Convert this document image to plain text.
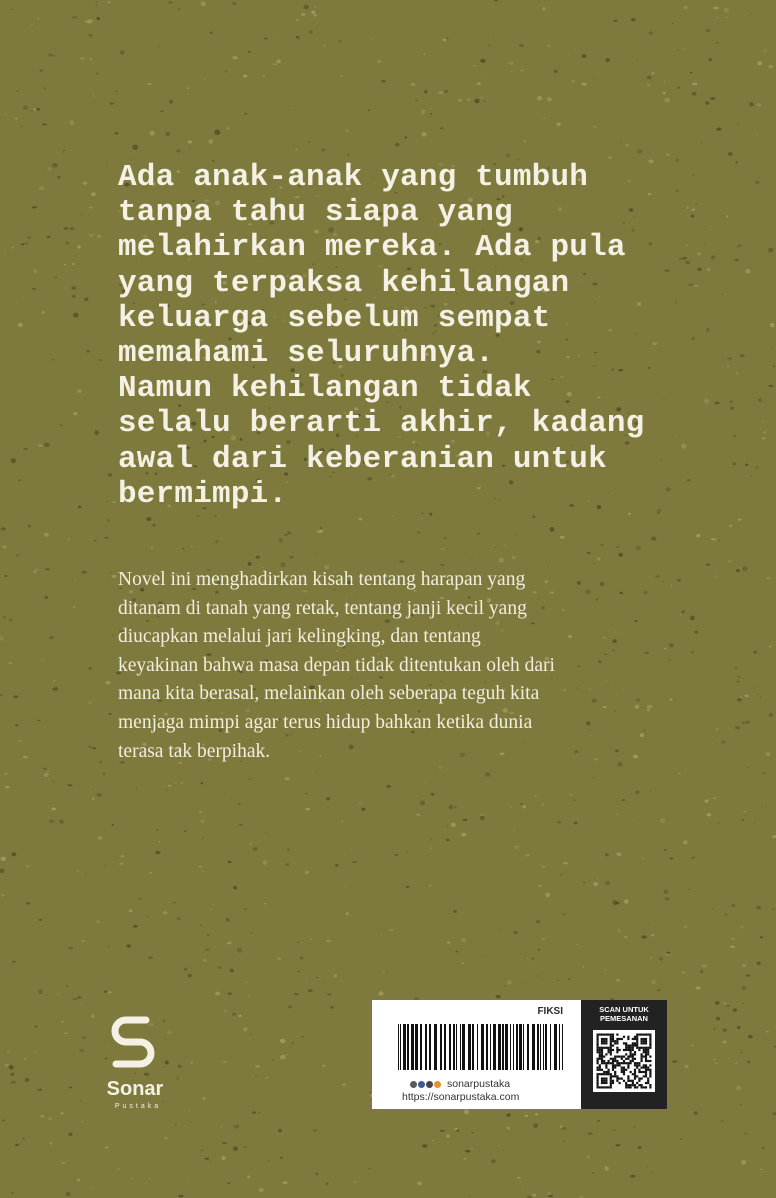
Ada anak-anak yang tumbuh
tanpa tahu siapa yang
melahirkan mereka. Ada pula
yang terpaksa kehilangan
keluarga sebelum sempat
memahami seluruhnya.
Namun kehilangan tidak
selalu berarti akhir, kadang
awal dari keberanian untuk
bermimpi.
Novel ini menghadirkan kisah tentang harapan yang
ditanam di tanah yang retak, tentang janji kecil yang
diucapkan melalui jari kelingking, dan tentang
keyakinan bahwa masa depan tidak ditentukan oleh dari
mana kita berasal, melainkan oleh seberapa teguh kita
menjaga mimpi agar terus hidup bahkan ketika dunia
terasa tak berpihak.
Sonar
Pustaka
FIKSI
sonarpustaka
https://sonarpustaka.com
SCAN UNTUK
PEMESANAN
